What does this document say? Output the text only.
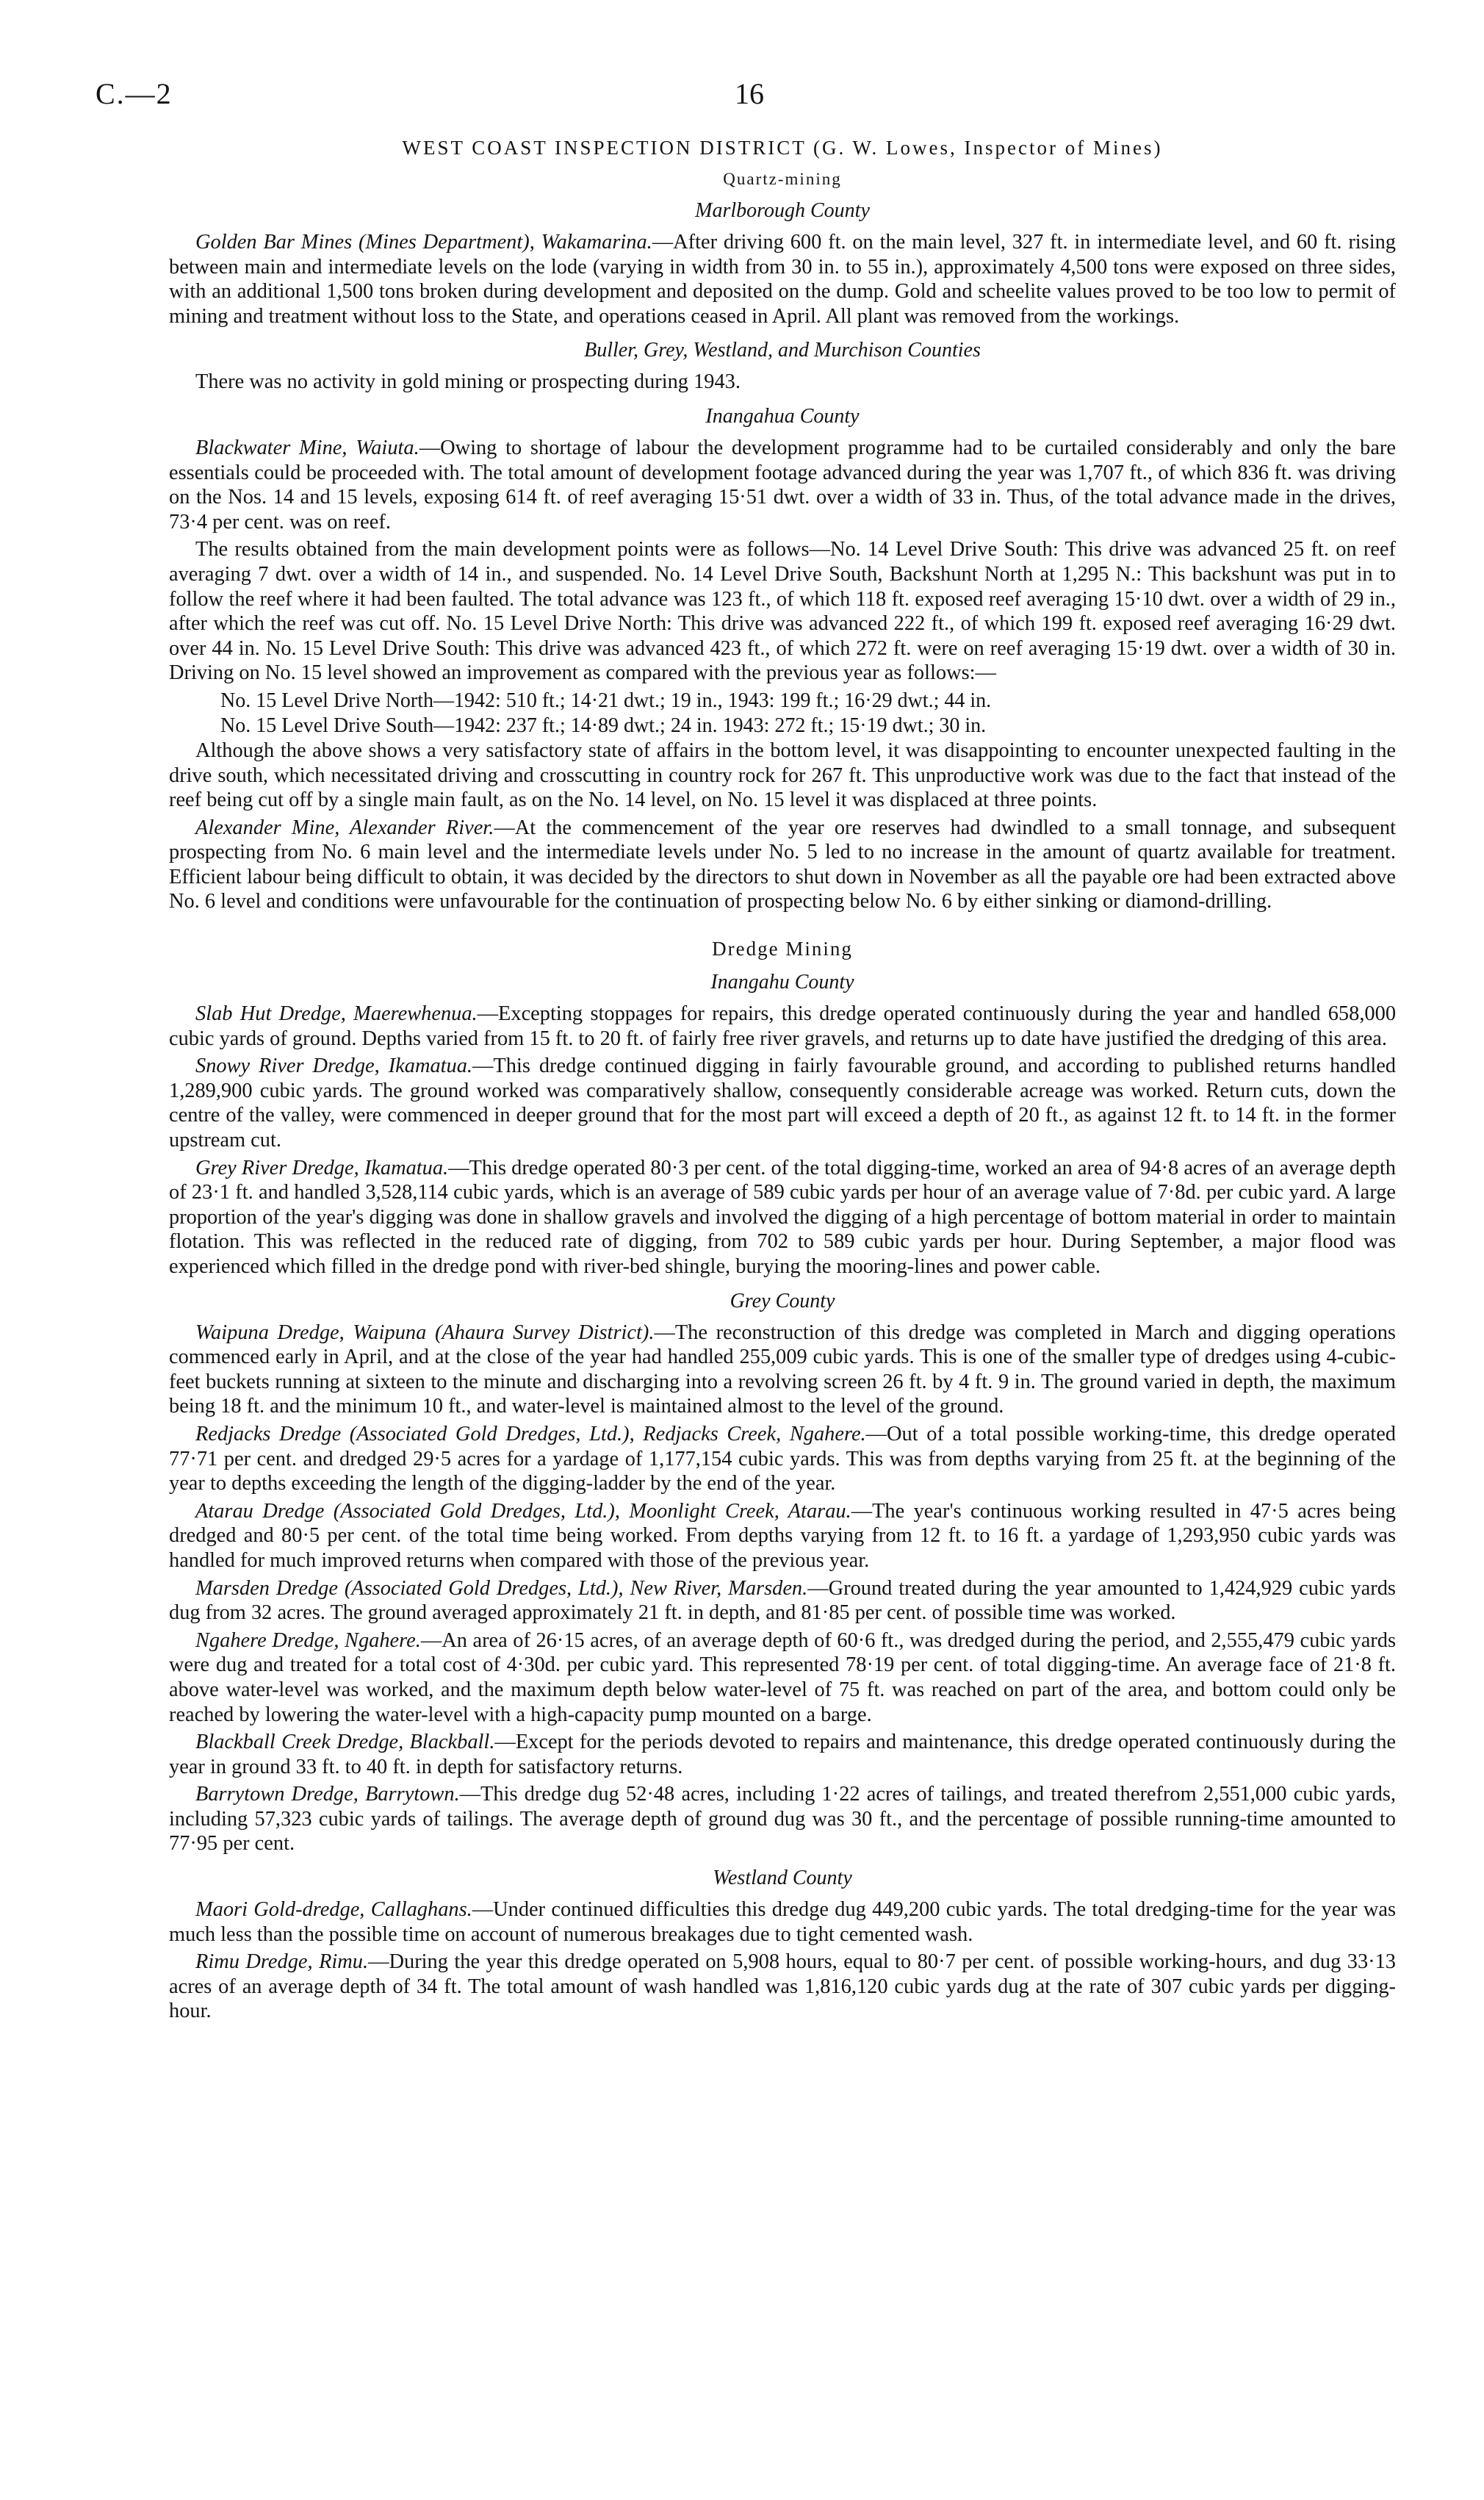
C.—2	16
WEST COAST INSPECTION DISTRICT (G. W. Lowes, Inspector of Mines)
Quartz-mining
Marlborough County

Golden Bar Mines (Mines Department), Wakamarina.—After driving 600 ft. on the main level, 327 ft. in intermediate level, and 60 ft. rising between main and intermediate levels on the lode (varying in width from 30 in. to 55 in.), approximately 4,500 tons were exposed on three sides, with an additional 1,500 tons broken during development and deposited on the dump. Gold and scheelite values proved to be too low to permit of mining and treatment without loss to the State, and operations ceased in April. All plant was removed from the workings.

Buller, Grey, Westland, and Murchison Counties

There was no activity in gold mining or prospecting during 1943.

Inangahua County

Blackwater Mine, Waiuta.—Owing to shortage of labour the development programme had to be curtailed considerably and only the bare essentials could be proceeded with. The total amount of development footage advanced during the year was 1,707 ft., of which 836 ft. was driving on the Nos. 14 and 15 levels, exposing 614 ft. of reef averaging 15·51 dwt. over a width of 33 in. Thus, of the total advance made in the drives, 73·4 per cent. was on reef.

The results obtained from the main development points were as follows—No. 14 Level Drive South: This drive was advanced 25 ft. on reef averaging 7 dwt. over a width of 14 in., and suspended. No. 14 Level Drive South, Backshunt North at 1,295 N.: This backshunt was put in to follow the reef where it had been faulted. The total advance was 123 ft., of which 118 ft. exposed reef averaging 15·10 dwt. over a width of 29 in., after which the reef was cut off. No. 15 Level Drive North: This drive was advanced 222 ft., of which 199 ft. exposed reef averaging 16·29 dwt. over 44 in. No. 15 Level Drive South: This drive was advanced 423 ft., of which 272 ft. were on reef averaging 15·19 dwt. over a width of 30 in. Driving on No. 15 level showed an improvement as compared with the previous year as follows:—

No. 15 Level Drive North—1942: 510 ft.; 14·21 dwt.; 19 in., 1943: 199 ft.; 16·29 dwt.; 44 in.
No. 15 Level Drive South—1942: 237 ft.; 14·89 dwt.; 24 in. 1943: 272 ft.; 15·19 dwt.; 30 in.

Although the above shows a very satisfactory state of affairs in the bottom level, it was disappointing to encounter unexpected faulting in the drive south, which necessitated driving and crosscutting in country rock for 267 ft. This unproductive work was due to the fact that instead of the reef being cut off by a single main fault, as on the No. 14 level, on No. 15 level it was displaced at three points.

Alexander Mine, Alexander River.—At the commencement of the year ore reserves had dwindled to a small tonnage, and subsequent prospecting from No. 6 main level and the intermediate levels under No. 5 led to no increase in the amount of quartz available for treatment. Efficient labour being difficult to obtain, it was decided by the directors to shut down in November as all the payable ore had been extracted above No. 6 level and conditions were unfavourable for the continuation of prospecting below No. 6 by either sinking or diamond-drilling.

Dredge Mining
Inangahu County

Slab Hut Dredge, Maerewhenua.—Excepting stoppages for repairs, this dredge operated continuously during the year and handled 658,000 cubic yards of ground. Depths varied from 15 ft. to 20 ft. of fairly free river gravels, and returns up to date have justified the dredging of this area.

Snowy River Dredge, Ikamatua.—This dredge continued digging in fairly favourable ground, and according to published returns handled 1,289,900 cubic yards. The ground worked was comparatively shallow, consequently considerable acreage was worked. Return cuts, down the centre of the valley, were commenced in deeper ground that for the most part will exceed a depth of 20 ft., as against 12 ft. to 14 ft. in the former upstream cut.

Grey River Dredge, Ikamatua.—This dredge operated 80·3 per cent. of the total digging-time, worked an area of 94·8 acres of an average depth of 23·1 ft. and handled 3,528,114 cubic yards, which is an average of 589 cubic yards per hour of an average value of 7·8d. per cubic yard. A large proportion of the year's digging was done in shallow gravels and involved the digging of a high percentage of bottom material in order to maintain flotation. This was reflected in the reduced rate of digging, from 702 to 589 cubic yards per hour. During September, a major flood was experienced which filled in the dredge pond with river-bed shingle, burying the mooring-lines and power cable.

Grey County

Waipuna Dredge, Waipuna (Ahaura Survey District).—The reconstruction of this dredge was completed in March and digging operations commenced early in April, and at the close of the year had handled 255,009 cubic yards. This is one of the smaller type of dredges using 4-cubic-feet buckets running at sixteen to the minute and discharging into a revolving screen 26 ft. by 4 ft. 9 in. The ground varied in depth, the maximum being 18 ft. and the minimum 10 ft., and water-level is maintained almost to the level of the ground.

Redjacks Dredge (Associated Gold Dredges, Ltd.), Redjacks Creek, Ngahere.—Out of a total possible working-time, this dredge operated 77·71 per cent. and dredged 29·5 acres for a yardage of 1,177,154 cubic yards. This was from depths varying from 25 ft. at the beginning of the year to depths exceeding the length of the digging-ladder by the end of the year.

Atarau Dredge (Associated Gold Dredges, Ltd.), Moonlight Creek, Atarau.—The year's continuous working resulted in 47·5 acres being dredged and 80·5 per cent. of the total time being worked. From depths varying from 12 ft. to 16 ft. a yardage of 1,293,950 cubic yards was handled for much improved returns when compared with those of the previous year.

Marsden Dredge (Associated Gold Dredges, Ltd.), New River, Marsden.—Ground treated during the year amounted to 1,424,929 cubic yards dug from 32 acres. The ground averaged approximately 21 ft. in depth, and 81·85 per cent. of possible time was worked.

Ngahere Dredge, Ngahere.—An area of 26·15 acres, of an average depth of 60·6 ft., was dredged during the period, and 2,555,479 cubic yards were dug and treated for a total cost of 4·30d. per cubic yard. This represented 78·19 per cent. of total digging-time. An average face of 21·8 ft. above water-level was worked, and the maximum depth below water-level of 75 ft. was reached on part of the area, and bottom could only be reached by lowering the water-level with a high-capacity pump mounted on a barge.

Blackball Creek Dredge, Blackball.—Except for the periods devoted to repairs and maintenance, this dredge operated continuously during the year in ground 33 ft. to 40 ft. in depth for satisfactory returns.

Barrytown Dredge, Barrytown.—This dredge dug 52·48 acres, including 1·22 acres of tailings, and treated therefrom 2,551,000 cubic yards, including 57,323 cubic yards of tailings. The average depth of ground dug was 30 ft., and the percentage of possible running-time amounted to 77·95 per cent.

Westland County

Maori Gold-dredge, Callaghans.—Under continued difficulties this dredge dug 449,200 cubic yards. The total dredging-time for the year was much less than the possible time on account of numerous breakages due to tight cemented wash.

Rimu Dredge, Rimu.—During the year this dredge operated on 5,908 hours, equal to 80·7 per cent. of possible working-hours, and dug 33·13 acres of an average depth of 34 ft. The total amount of wash handled was 1,816,120 cubic yards dug at the rate of 307 cubic yards per digging-hour.
